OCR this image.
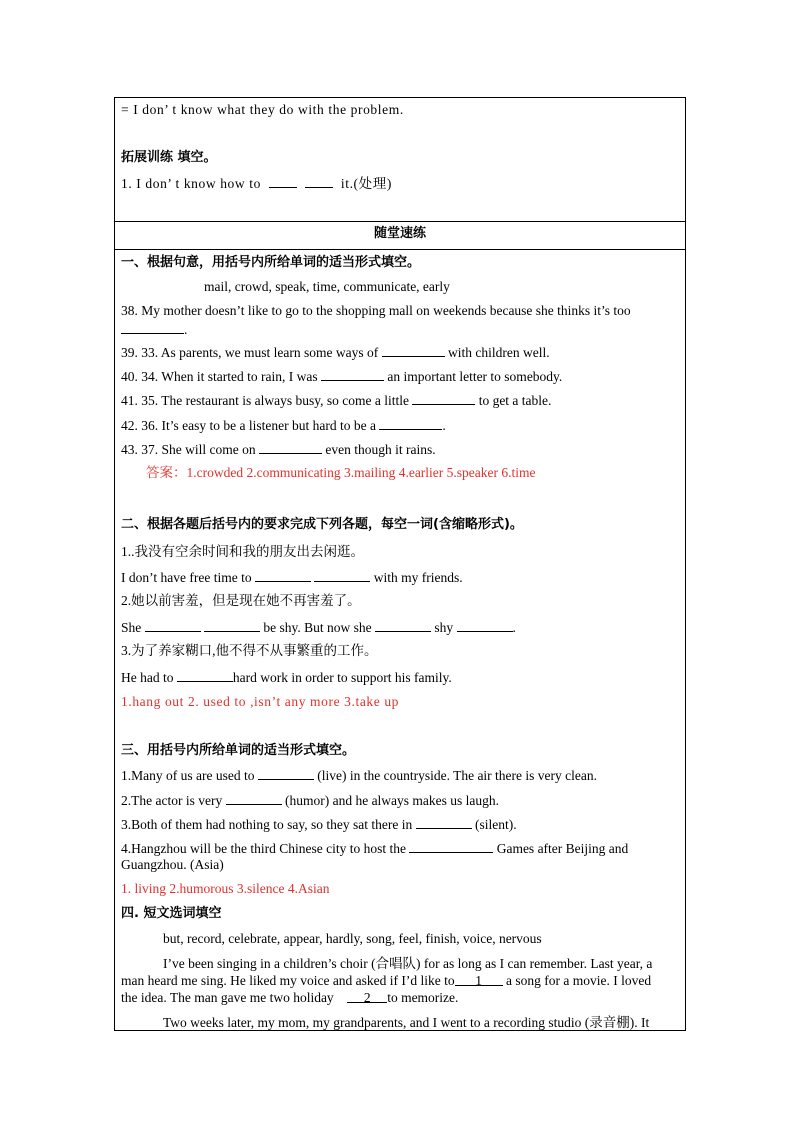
= I don’ t know what they do with the problem.
拓展训练 填空。
1. I don’ t know how to	it.(处理)
随堂速练
一、根据句意，用括号内所给单词的适当形式填空。
mail, crowd, speak, time, communicate, early
38. My mother doesn’t like to go to the shopping mall on weekends because she thinks it’s too
.
39. 33. As parents, we must learn some ways of	with children well.
40. 34. When it started to rain, I was	an important letter to somebody.
41. 35. The restaurant is always busy, so come a little	to get a table.
42. 36. It’s easy to be a listener but hard to be a	.
43. 37. She will come on	even though it rains.
答案：1.crowded 2.communicating 3.mailing 4.earlier 5.speaker 6.time
二、根据各题后括号内的要求完成下列各题，每空一词(含缩略形式)。
1..我没有空余时间和我的朋友出去闲逛。
I don’t have free time to	with my friends.
2.她以前害羞，但是现在她不再害羞了。
She	be shy. But now she	shy	.
3.为了养家糊口,他不得不从事繁重的工作。
He had to	hard work in order to support his family.
1.hang out 2. used to ,isn’t any more 3.take up
三、用括号内所给单词的适当形式填空。
1.Many of us are used to	(live) in the countryside. The air there is very clean.
2.The actor is very	(humor) and he always makes us laugh.
3.Both of them had nothing to say, so they sat there in	(silent).
4.Hangzhou will be the third Chinese city to host the	Games after Beijing and
Guangzhou. (Asia)
1. living 2.humorous 3.silence 4.Asian
四. 短文选词填空
but, record, celebrate, appear, hardly, song, feel, finish, voice, nervous
I’ve been singing in a children’s choir (合唱队) for as long as I can remember. Last year, a
man heard me sing. He liked my voice and asked if I’d like to 1 a song for a movie. I loved
the idea. The man gave me two holiday 2 to memorize.
Two weeks later, my mom, my grandparents, and I went to a recording studio (录音棚). It
